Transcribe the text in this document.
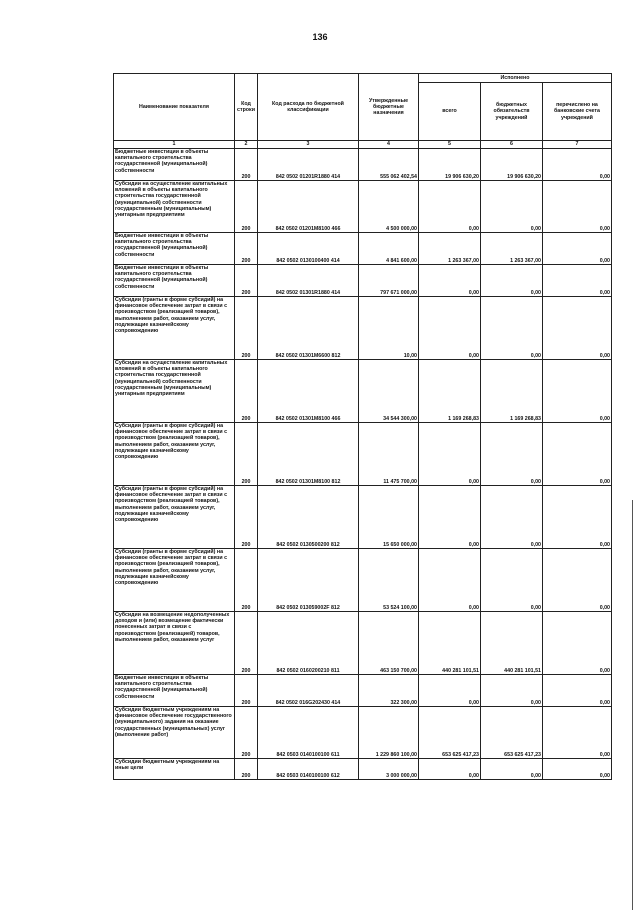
136
Наименование показателя	Код строки	Код расхода по бюджетной классификации	Утвержденные бюджетные назначения	Исполнено		
				всего	бюджетных обязательств учреждений	перечислено на банковские счета учреждений
1	2	3	4	5	6	7
Бюджетные инвестиции в объекты капитального строительства государственной (муниципальной) собственности	200	842 0502 01201R1880 414	555 062 402,54	19 906 630,20	19 906 630,20	0,00
Субсидии на осуществление капитальных вложений в объекты капитального строительства государственной (муниципальной) собственности государственным (муниципальным) унитарным предприятиям	200	842 0502 01201M8100 466	4 500 000,00	0,00	0,00	0,00
Бюджетные инвестиции в объекты капитального строительства государственной (муниципальной) собственности	200	842 0502 0130100400 414	4 841 600,00	1 263 367,00	1 263 367,00	0,00
Бюджетные инвестиции в объекты капитального строительства государственной (муниципальной) собственности	200	842 0502 01301R1880 414	797 671 000,00	0,00	0,00	0,00
Субсидии (гранты в форме субсидий) на финансовое обеспечение затрат в связи с производством (реализацией товаров), выполнением работ, оказанием услуг, подлежащие казначейскому сопровождению	200	842 0502 01301M6600 812	10,00	0,00	0,00	0,00
Субсидии на осуществление капитальных вложений в объекты капитального строительства государственной (муниципальной) собственности государственным (муниципальным) унитарным предприятиям	200	842 0502 01301M8100 466	34 544 300,00	1 169 268,83	1 169 268,83	0,00
Субсидии (гранты в форме субсидий) на финансовое обеспечение затрат в связи с производством (реализацией товаров), выполнением работ, оказанием услуг, подлежащие казначейскому сопровождению	200	842 0502 01301M8100 812	11 475 700,00	0,00	0,00	0,00
Субсидии (гранты в форме субсидий) на финансовое обеспечение затрат в связи с производством (реализацией товаров), выполнением работ, оказанием услуг, подлежащие казначейскому сопровождению	200	842 0502 0130500200 812	15 650 000,00	0,00	0,00	0,00
Субсидии (гранты в форме субсидий) на финансовое обеспечение затрат в связи с производством (реализацией товаров), выполнением работ, оказанием услуг, подлежащие казначейскому сопровождению	200	842 0502 013059002F 812	53 524 100,00	0,00	0,00	0,00
Субсидии на возмещение недополученных доходов и (или) возмещение фактически понесенных затрат в связи с производством (реализацией) товаров, выполнением работ, оказанием услуг	200	842 0502 0160200210 811	463 150 700,00	440 281 101,51	440 281 101,51	0,00
Бюджетные инвестиции в объекты капитального строительства государственной (муниципальной) собственности	200	842 0502 016G202430 414	322 300,00	0,00	0,00	0,00
Субсидии бюджетным учреждениям на финансовое обеспечение государственного (муниципального) задания на оказание государственных (муниципальных) услуг (выполнение работ)	200	842 0503 0140100100 611	1 229 860 100,00	653 625 417,23	653 625 417,23	0,00
Субсидии бюджетным учреждениям на иные цели	200	842 0503 0140100100 612	3 000 000,00	0,00	0,00	0,00
